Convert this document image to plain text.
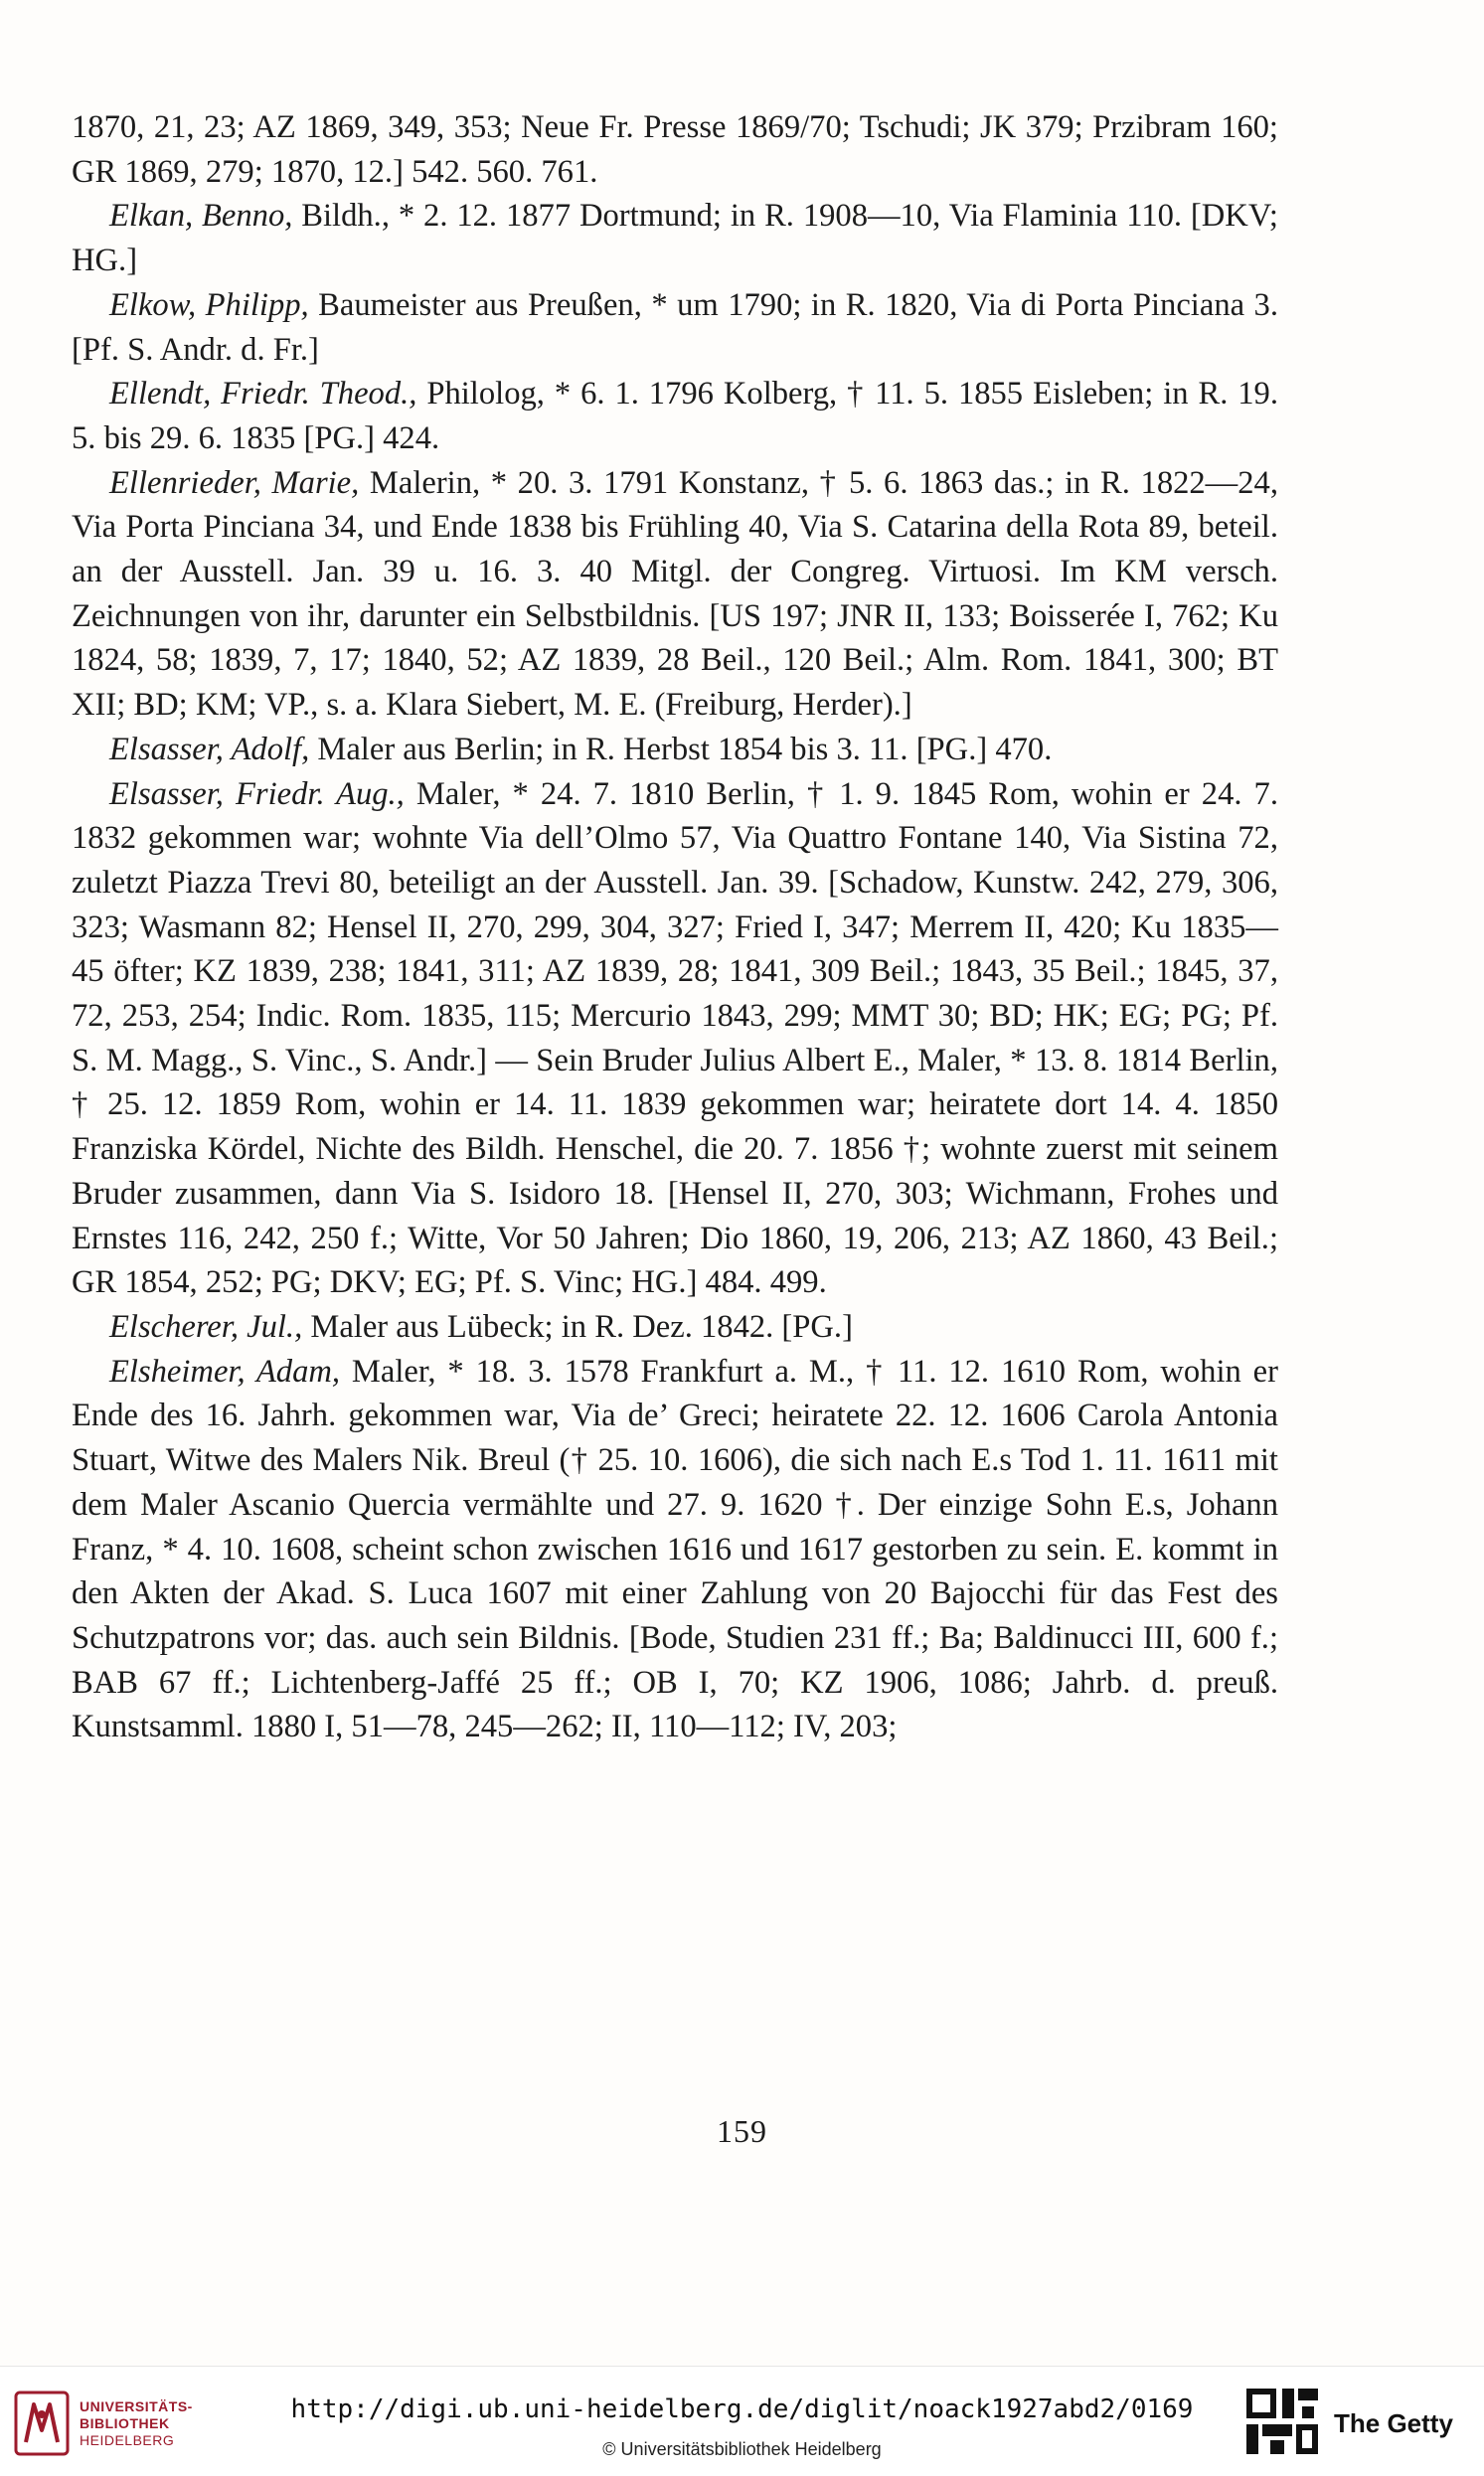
1870, 21, 23; AZ 1869, 349, 353; Neue Fr. Presse 1869/70; Tschudi; JK 379; Przibram 160; GR 1869, 279; 1870, 12.] 542. 560. 761.

Elkan, Benno, Bildh., * 2. 12. 1877 Dortmund; in R. 1908—10, Via Flaminia 110. [DKV; HG.]

Elkow, Philipp, Baumeister aus Preußen, * um 1790; in R. 1820, Via di Porta Pinciana 3. [Pf. S. Andr. d. Fr.]

Ellendt, Friedr. Theod., Philolog, * 6. 1. 1796 Kolberg, † 11. 5. 1855 Eisleben; in R. 19. 5. bis 29. 6. 1835 [PG.] 424.

Ellenrieder, Marie, Malerin, * 20. 3. 1791 Konstanz, † 5. 6. 1863 das.; in R. 1822—24, Via Porta Pinciana 34, und Ende 1838 bis Frühling 40, Via S. Catarina della Rota 89, beteil. an der Ausstell. Jan. 39 u. 16. 3. 40 Mitgl. der Congreg. Virtuosi. Im KM versch. Zeichnungen von ihr, darunter ein Selbstbildnis. [US 197; JNR II, 133; Boisserée I, 762; Ku 1824, 58; 1839, 7, 17; 1840, 52; AZ 1839, 28 Beil., 120 Beil.; Alm. Rom. 1841, 300; BT XII; BD; KM; VP., s. a. Klara Siebert, M. E. (Freiburg, Herder).]

Elsasser, Adolf, Maler aus Berlin; in R. Herbst 1854 bis 3. 11. [PG.] 470.

Elsasser, Friedr. Aug., Maler, * 24. 7. 1810 Berlin, † 1. 9. 1845 Rom, wohin er 24. 7. 1832 gekommen war; wohnte Via dell’Olmo 57, Via Quattro Fontane 140, Via Sistina 72, zuletzt Piazza Trevi 80, beteiligt an der Ausstell. Jan. 39. [Schadow, Kunstw. 242, 279, 306, 323; Wasmann 82; Hensel II, 270, 299, 304, 327; Fried I, 347; Merrem II, 420; Ku 1835—45 öfter; KZ 1839, 238; 1841, 311; AZ 1839, 28; 1841, 309 Beil.; 1843, 35 Beil.; 1845, 37, 72, 253, 254; Indic. Rom. 1835, 115; Mercurio 1843, 299; MMT 30; BD; HK; EG; PG; Pf. S. M. Magg., S. Vinc., S. Andr.] — Sein Bruder Julius Albert E., Maler, * 13. 8. 1814 Berlin, † 25. 12. 1859 Rom, wohin er 14. 11. 1839 gekommen war; heiratete dort 14. 4. 1850 Franziska Kördel, Nichte des Bildh. Henschel, die 20. 7. 1856 †; wohnte zuerst mit seinem Bruder zusammen, dann Via S. Isidoro 18. [Hensel II, 270, 303; Wichmann, Frohes und Ernstes 116, 242, 250 f.; Witte, Vor 50 Jahren; Dio 1860, 19, 206, 213; AZ 1860, 43 Beil.; GR 1854, 252; PG; DKV; EG; Pf. S. Vinc; HG.] 484. 499.

Elscherer, Jul., Maler aus Lübeck; in R. Dez. 1842. [PG.]

Elsheimer, Adam, Maler, * 18. 3. 1578 Frankfurt a. M., † 11. 12. 1610 Rom, wohin er Ende des 16. Jahrh. gekommen war, Via de’ Greci; heiratete 22. 12. 1606 Carola Antonia Stuart, Witwe des Malers Nik. Breul († 25. 10. 1606), die sich nach E.s Tod 1. 11. 1611 mit dem Maler Ascanio Quercia vermählte und 27. 9. 1620 †. Der einzige Sohn E.s, Johann Franz, * 4. 10. 1608, scheint schon zwischen 1616 und 1617 gestorben zu sein. E. kommt in den Akten der Akad. S. Luca 1607 mit einer Zahlung von 20 Bajocchi für das Fest des Schutzpatrons vor; das. auch sein Bildnis. [Bode, Studien 231 ff.; Ba; Baldinucci III, 600 f.; BAB 67 ff.; Lichtenberg-Jaffé 25 ff.; OB I, 70; KZ 1906, 1086; Jahrb. d. preuß. Kunstsamml. 1880 I, 51—78, 245—262; II, 110—112; IV, 203;

159
UNIVERSITÄTS-
BIBLIOTHEK
HEIDELBERG
http://digi.ub.uni-heidelberg.de/diglit/noack1927abd2/0169
© Universitätsbibliothek Heidelberg
The Getty
